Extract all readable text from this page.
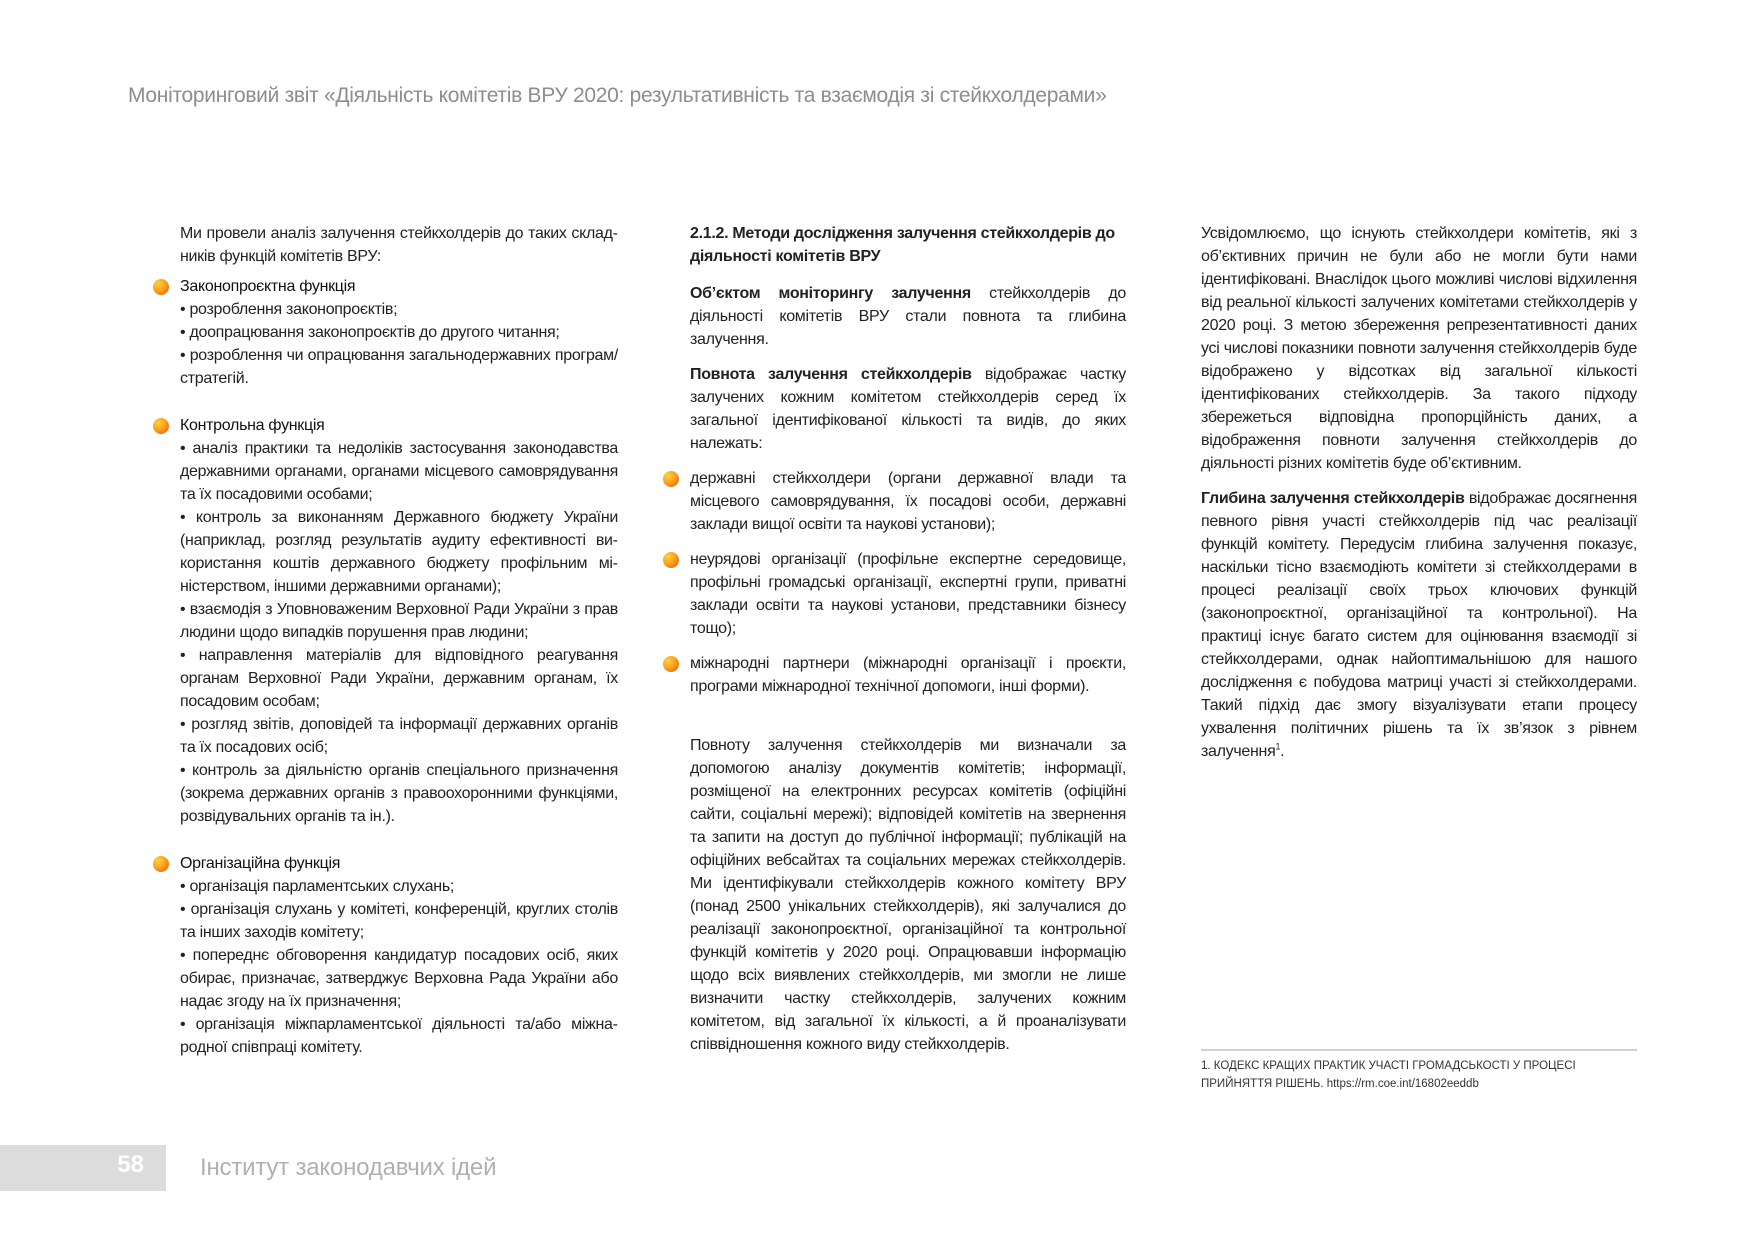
Моніторинговий звіт «Діяльність комітетів ВРУ 2020: результативність та взаємодія зі стейкхолдерами»

Ми провели аналіз залучення стейкхолдерів до таких складників функцій комітетів ВРУ:

Законопроєктна функція

• розроблення законопроєктів;

• доопрацювання законопроєктів до другого читання;

• розроблення чи опрацювання загальнодержавних програм/ стратегій.

Контрольна функція

• аналіз практики та недоліків застосування законодавства державними органами, органами місцевого самоврядування та їх посадовими особами;

• контроль за виконанням Державного бюджету України (наприклад, розгляд результатів аудиту ефективності використання коштів державного бюджету профільним міністерством, іншими державними органами);

• взаємодія з Уповноваженим Верховної Ради України з прав людини щодо випадків порушення прав людини;

• направлення матеріалів для відповідного реагування органам Верховної Ради України, державним органам, їх посадовим особам;

• розгляд звітів, доповідей та інформації державних органів та їх посадових осіб;

• контроль за діяльністю органів спеціального призначення (зокрема державних органів з правоохоронними функціями, розвідувальних органів та ін.).

Організаційна функція

• організація парламентських слухань;

• організація слухань у комітеті, конференцій, круглих столів та інших заходів комітету;

• попереднє обговорення кандидатур посадових осіб, яких обирає, призначає, затверджує Верховна Рада України або надає згоду на їх призначення;

• організація міжпарламентської діяльності та/або міжнародної співпраці комітету.

2.1.2. Методи дослідження залучення стейкхолдерів до діяльності комітетів ВРУ

Об’єктом моніторингу залучення стейкхолдерів до діяльності комітетів ВРУ стали повнота та глибина залучення.

Повнота залучення стейкхолдерів відображає частку залучених кожним комітетом стейкхолдерів серед їх загальної ідентифікованої кількості та видів, до яких належать:

державні стейкхолдери (органи державної влади та місцевого самоврядування, їх посадові особи, державні заклади вищої освіти та наукові установи);
неурядові організації (профільне експертне середовище, профільні громадські організації, експертні групи, приватні заклади освіти та наукові установи, представники бізнесу тощо);
міжнародні партнери (міжнародні організації і проєкти, програми міжнародної технічної допомоги, інші форми).

Повноту залучення стейкхолдерів ми визначали за допомогою аналізу документів комітетів; інформації, розміщеної на електронних ресурсах комітетів (офіційні сайти, соціальні мережі); відповідей комітетів на звернення та запити на доступ до публічної інформації; публікацій на офіційних вебсайтах та соціальних мережах стейкхолдерів. Ми ідентифікували стейкхолдерів кожного комітету ВРУ (понад 2500 унікальних стейкхолдерів), які залучалися до реалізації законопроєктної, організаційної та контрольної функцій комітетів у 2020 році. Опрацювавши інформацію щодо всіх виявлених стейкхолдерів, ми змогли не лише визначити частку стейкхолдерів, залучених кожним комітетом, від загальної їх кількості, а й проаналізувати співвідношення кожного виду стейкхолдерів.

Усвідомлюємо, що існують стейкхолдери комітетів, які з об’єктивних причин не були або не могли бути нами ідентифіковані. Внаслідок цього можливі числові відхилення від реальної кількості залучених комітетами стейкхолдерів у 2020 році. З метою збереження репрезентативності даних усі числові показники повноти залучення стейкхолдерів буде відображено у відсотках від загальної кількості ідентифікованих стейкхолдерів. За такого підходу збережеться відповідна пропорційність даних, а відображення повноти залучення стейкхолдерів до діяльності різних комітетів буде об’єктивним.

Глибина залучення стейкхолдерів відображає досягнення певного рівня участі стейкхолдерів під час реалізації функцій комітету. Передусім глибина залучення показує, наскільки тісно взаємодіють комітети зі стейкхолдерами в процесі реалізації своїх трьох ключових функцій (законопроєктної, організаційної та контрольної). На практиці існує багато систем для оцінювання взаємодії зі стейкхолдерами, однак найоптимальнішою для нашого дослідження є побудова матриці участі зі стейкхолдерами. Такий підхід дає змогу візуалізувати етапи процесу ухвалення політичних рішень та їх зв’язок з рівнем залучення$^1$.

1. КОДЕКС КРАЩИХ ПРАКТИК УЧАСТІ ГРОМАДСЬКОСТІ У ПРОЦЕСІ ПРИЙНЯТТЯ РІШЕНЬ. https://rm.coe.int/16802eeddb
58 Інститут законодавчих ідей
